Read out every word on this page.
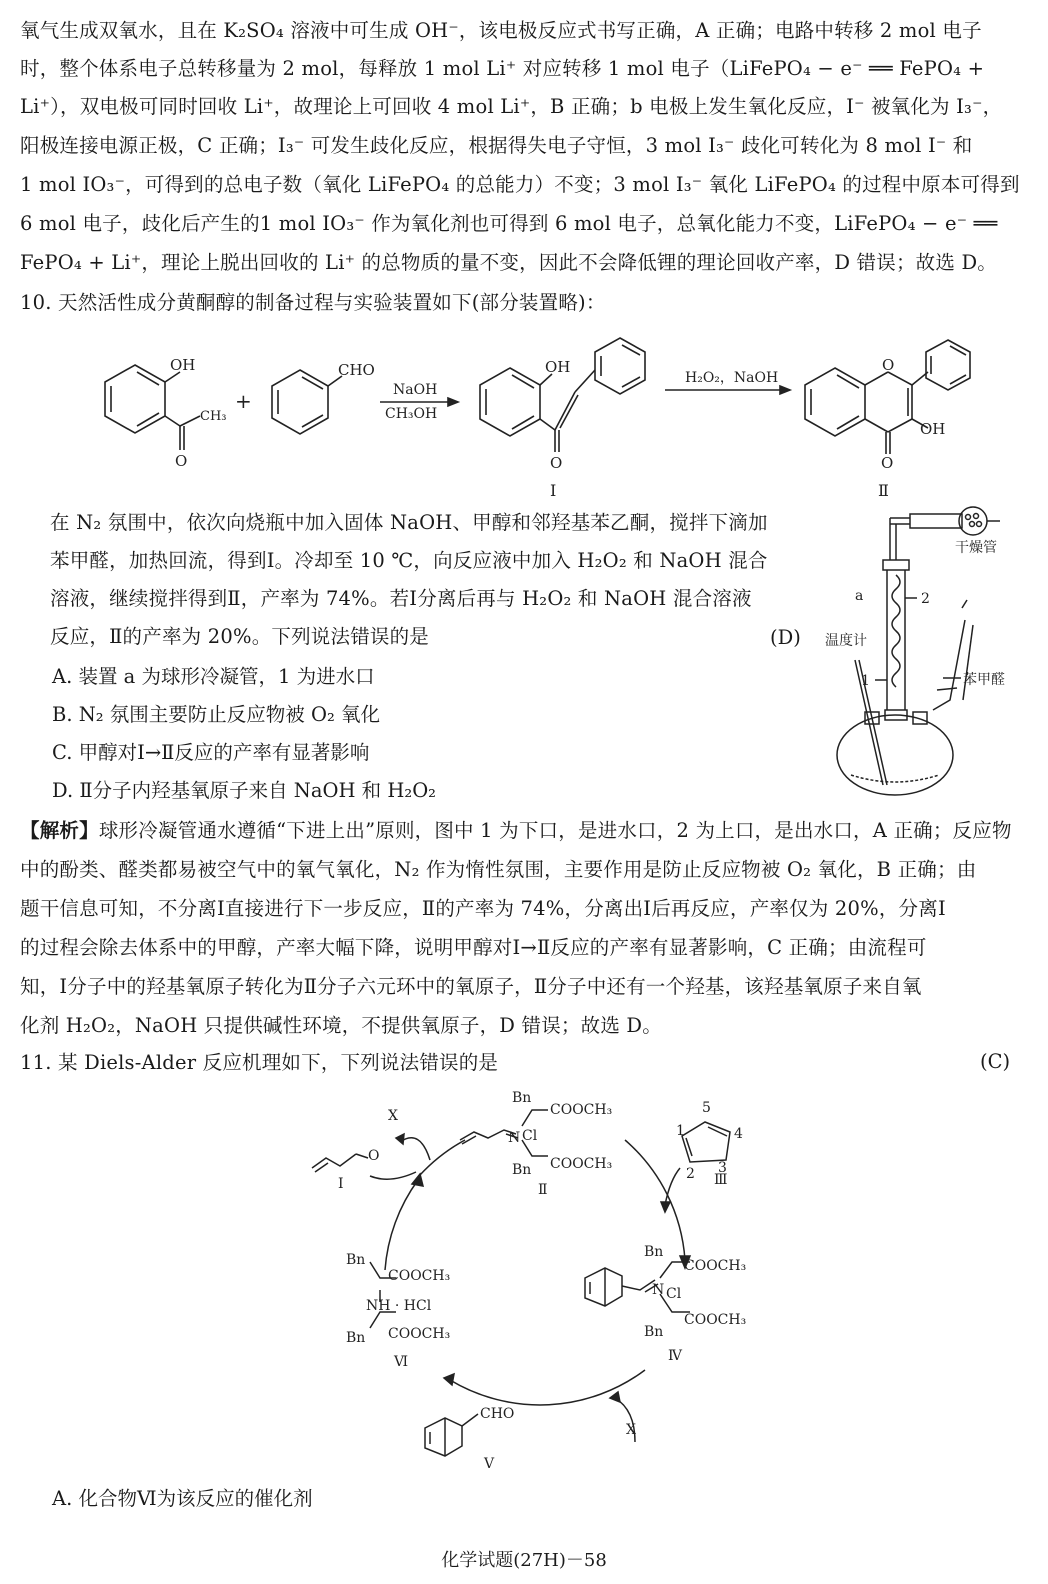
氧气生成双氧水，且在 K₂SO₄ 溶液中可生成 OH⁻，该电极反应式书写正确，A 正确；电路中转移 2 mol 电子
时，整个体系电子总转移量为 2 mol，每释放 1 mol Li⁺ 对应转移 1 mol 电子（LiFePO₄ − e⁻ ══ FePO₄ +
Li⁺），双电极可同时回收 Li⁺，故理论上可回收 4 mol Li⁺，B 正确；b 电极上发生氧化反应，I⁻ 被氧化为 I₃⁻，
阳极连接电源正极，C 正确；I₃⁻ 可发生歧化反应，根据得失电子守恒，3 mol I₃⁻ 歧化可转化为 8 mol I⁻ 和
1 mol IO₃⁻，可得到的总电子数（氧化 LiFePO₄ 的总能力）不变；3 mol I₃⁻ 氧化 LiFePO₄ 的过程中原本可得到
6 mol 电子，歧化后产生的1 mol IO₃⁻ 作为氧化剂也可得到 6 mol 电子，总氧化能力不变，LiFePO₄ − e⁻ ══
FePO₄ + Li⁺，理论上脱出回收的 Li⁺ 的总物质的量不变，因此不会降低锂的理论回收产率，D 错误；故选 D。
10. 天然活性成分黄酮醇的制备过程与实验装置如下(部分装置略)：
OH
CH₃
O
+
CHO
NaOH
CH₃OH
OH
O
Ⅰ
H₂O₂，NaOH
O
OH
O
Ⅱ
在 N₂ 氛围中，依次向烧瓶中加入固体 NaOH、甲醇和邻羟基苯乙酮，搅拌下滴加
苯甲醛，加热回流，得到Ⅰ。冷却至 10 ℃，向反应液中加入 H₂O₂ 和 NaOH 混合
溶液，继续搅拌得到Ⅱ，产率为 74%。若Ⅰ分离后再与 H₂O₂ 和 NaOH 混合溶液
反应，Ⅱ的产率为 20%。下列说法错误的是	(D)
A. 装置 a 为球形冷凝管，1 为进水口
B. N₂ 氛围主要防止反应物被 O₂ 氧化
C. 甲醇对Ⅰ→Ⅱ反应的产率有显著影响
D. Ⅱ分子内羟基氧原子来自 NaOH 和 H₂O₂
干燥管
a	2
温度计
1	苯甲醛
【解析】球形冷凝管通水遵循“下进上出”原则，图中 1 为下口，是进水口，2 为上口，是出水口，A 正确；反应物
中的酚类、醛类都易被空气中的氧气氧化，N₂ 作为惰性氛围，主要作用是防止反应物被 O₂ 氧化，B 正确；由
题干信息可知，不分离Ⅰ直接进行下一步反应，Ⅱ的产率为 74%，分离出Ⅰ后再反应，产率仅为 20%，分离Ⅰ
的过程会除去体系中的甲醇，产率大幅下降，说明甲醇对Ⅰ→Ⅱ反应的产率有显著影响，C 正确；由流程可
知，Ⅰ分子中的羟基氧原子转化为Ⅱ分子六元环中的氧原子，Ⅱ分子中还有一个羟基，该羟基氧原子来自氧
化剂 H₂O₂，NaOH 只提供碱性环境，不提供氧原子，D 错误；故选 D。
11. 某 Diels-Alder 反应机理如下，下列说法错误的是	(C)
X
O
Ⅰ
Bn
COOCH₃
N Cl
Bn COOCH₃
Ⅱ
1
2 3
4
5
Ⅲ
Bn
COOCH₃
N Cl
Bn
COOCH₃
Ⅳ
Bn
COOCH₃
NH · HCl
Bn COOCH₃
Ⅵ
CHO
Ⅴ
X
A. 化合物Ⅵ为该反应的催化剂
化学试题(27H)－58
